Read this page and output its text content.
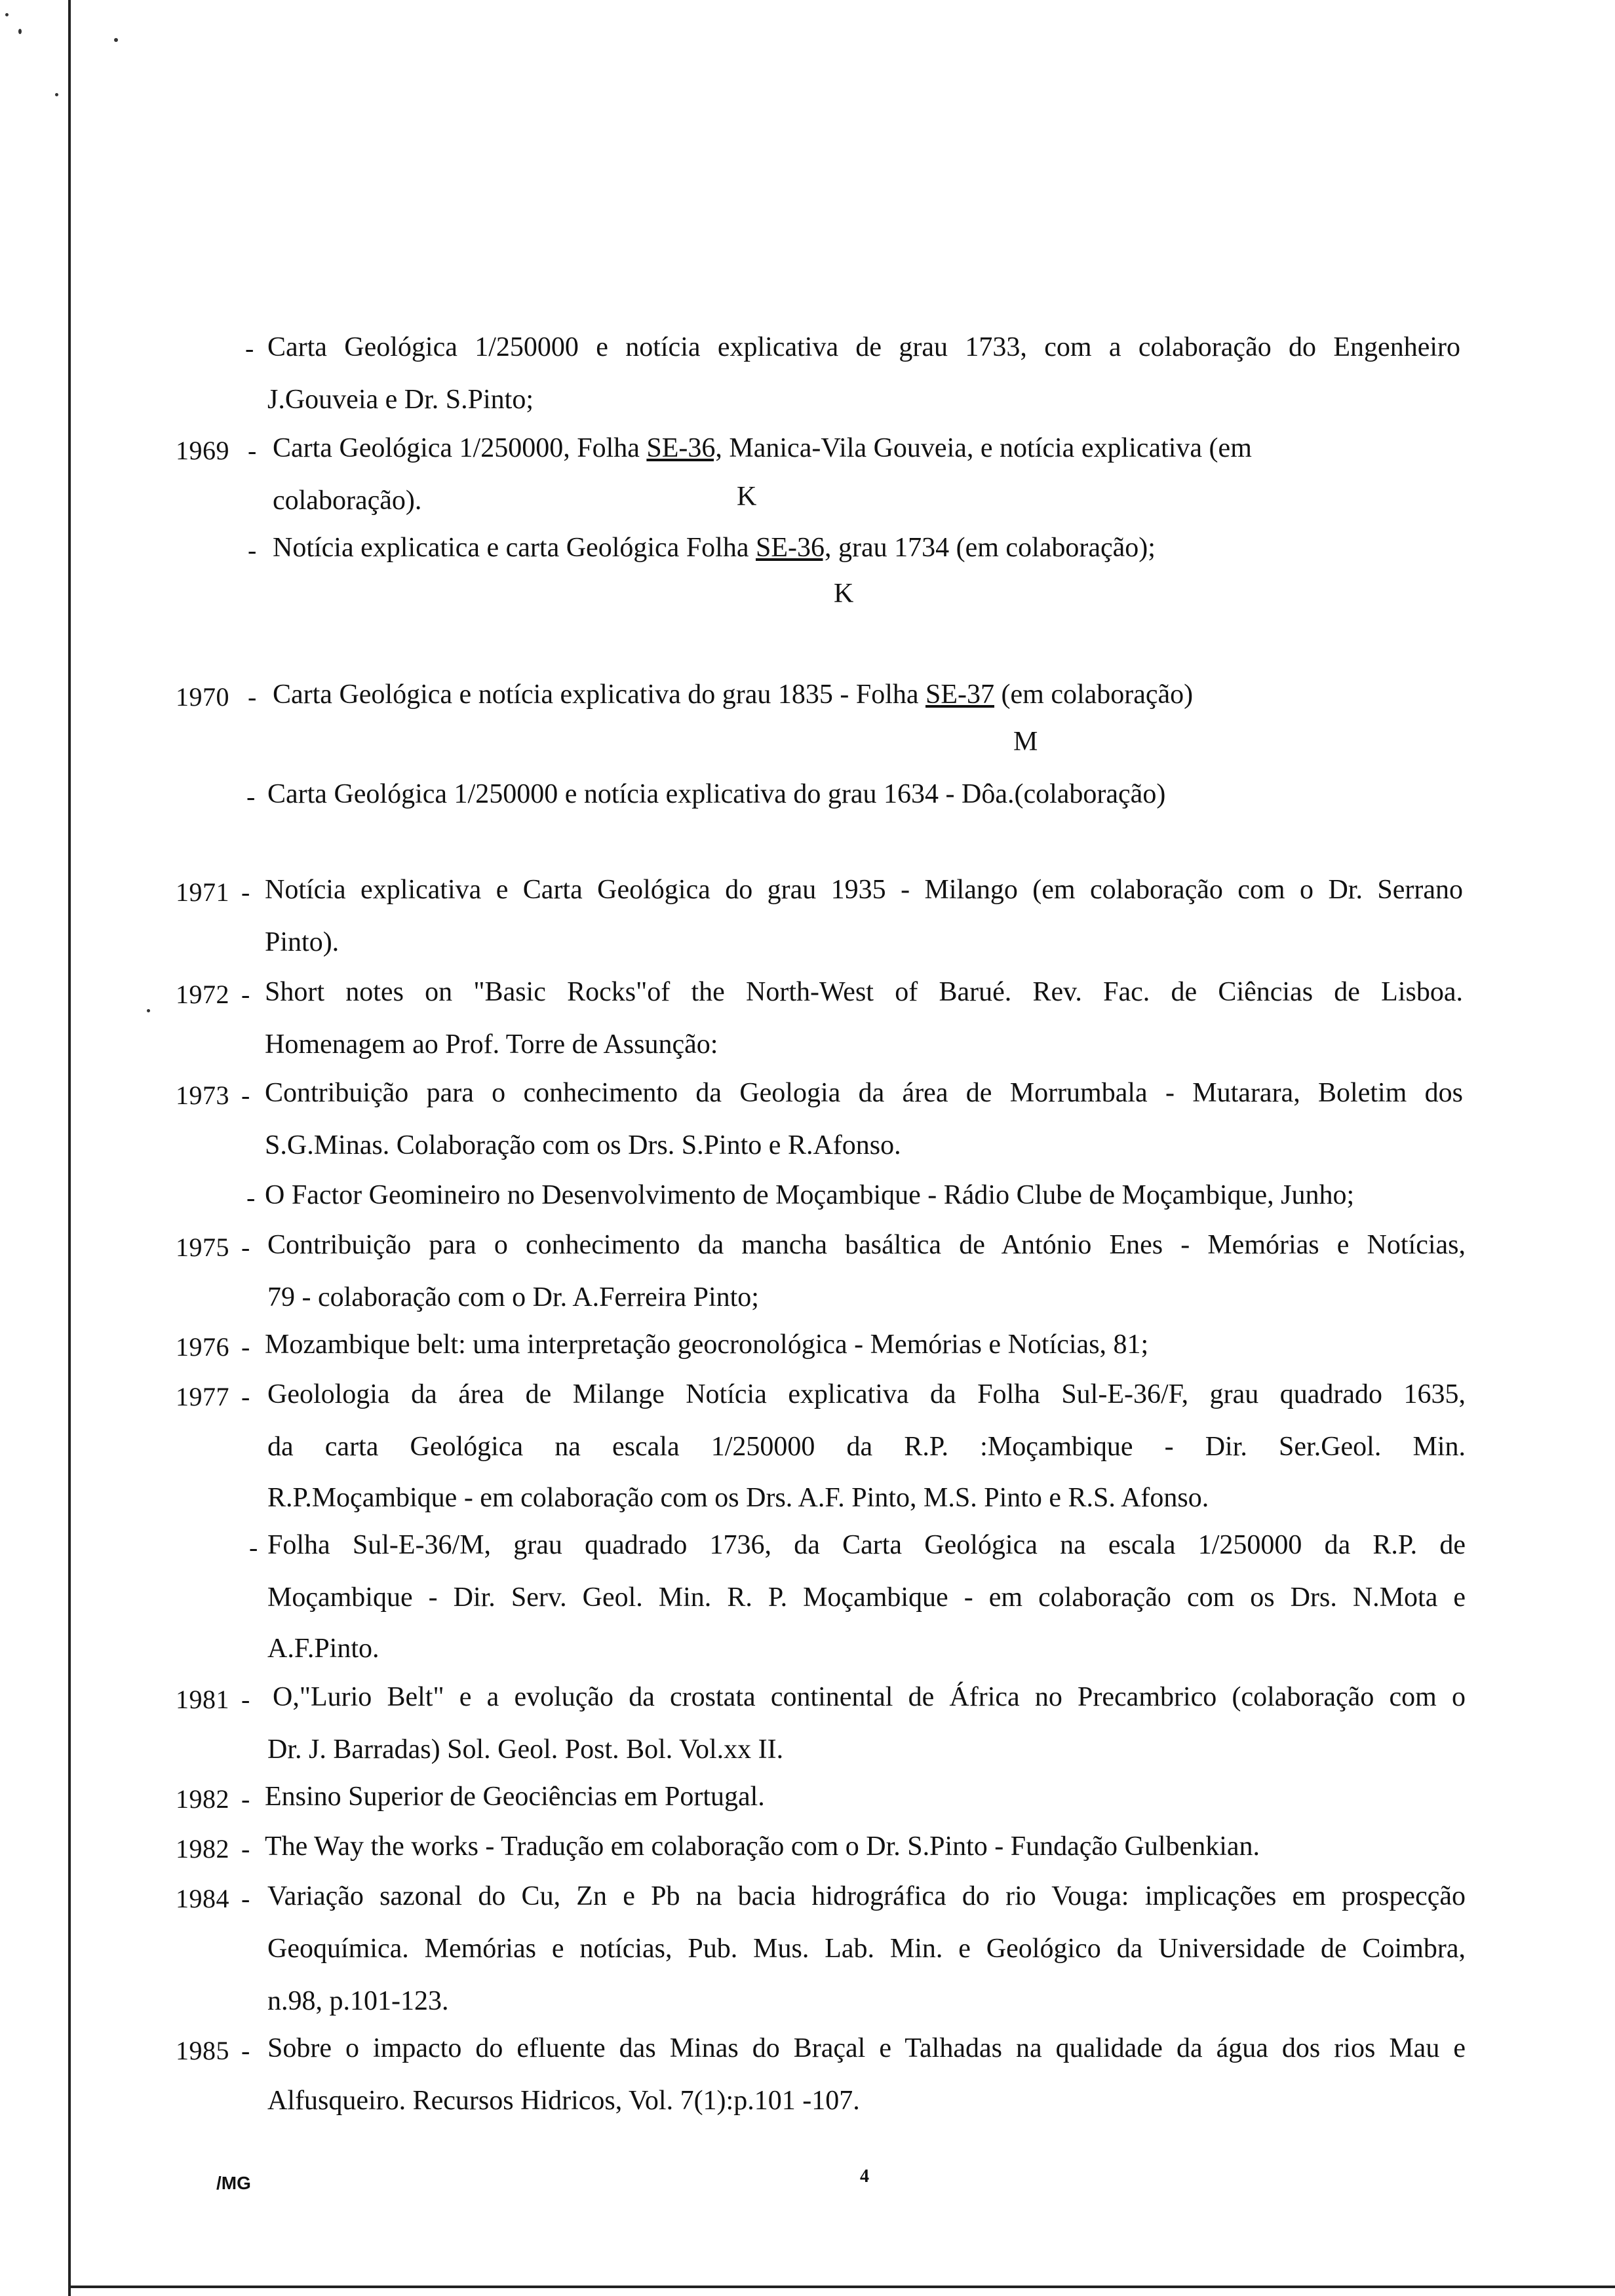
- Carta Geológica 1/250000 e notícia explicativa de grau 1733, com a colaboração do Engenheiro
J.Gouveia e Dr. S.Pinto;
1969 - Carta Geológica 1/250000, Folha SE-36, Manica-Vila Gouveia, e notícia explicativa (em
colaboração).	K
- Notícia explicatica e carta Geológica Folha SE-36, grau 1734 (em colaboração);
K
1970 - Carta Geológica e notícia explicativa do grau 1835 - Folha SE-37 (em colaboração)
M
- Carta Geológica 1/250000 e notícia explicativa do grau 1634 - Dôa.(colaboração)
1971 - Notícia explicativa e Carta Geológica do grau 1935 - Milango (em colaboração com o Dr. Serrano
Pinto).
1972 - Short notes on "Basic Rocks"of the North-West of Barué. Rev. Fac. de Ciências de Lisboa.
Homenagem ao Prof. Torre de Assunção:
1973 - Contribuição para o conhecimento da Geologia da área de Morrumbala - Mutarara, Boletim dos
S.G.Minas. Colaboração com os Drs. S.Pinto e R.Afonso.
- O Factor Geomineiro no Desenvolvimento de Moçambique - Rádio Clube de Moçambique, Junho;
1975 - Contribuição para o conhecimento da mancha basáltica de António Enes - Memórias e Notícias,
79 - colaboração com o Dr. A.Ferreira Pinto;
1976 - Mozambique belt: uma interpretação geocronológica - Memórias e Notícias, 81;
1977 - Geolologia da área de Milange Notícia explicativa da Folha Sul-E-36/F, grau quadrado 1635,
da carta Geológica na escala 1/250000 da R.P. :Moçambique - Dir. Ser.Geol. Min.
R.P.Moçambique - em colaboração com os Drs. A.F. Pinto, M.S. Pinto e R.S. Afonso.
- Folha Sul-E-36/M, grau quadrado 1736, da Carta Geológica na escala 1/250000 da R.P. de
Moçambique - Dir. Serv. Geol. Min. R. P. Moçambique - em colaboração com os Drs. N.Mota e
A.F.Pinto.
1981 - O,"Lurio Belt" e a evolução da crostata continental de África no Precambrico (colaboração com o
Dr. J. Barradas) Sol. Geol. Post. Bol. Vol.xx II.
1982 - Ensino Superior de Geociências em Portugal.
1982 - The Way the works - Tradução em colaboração com o Dr. S.Pinto - Fundação Gulbenkian.
1984 - Variação sazonal do Cu, Zn e Pb na bacia hidrográfica do rio Vouga: implicações em prospecção
Geoquímica. Memórias e notícias, Pub. Mus. Lab. Min. e Geológico da Universidade de Coimbra,
n.98, p.101-123.
1985 - Sobre o impacto do efluente das Minas do Braçal e Talhadas na qualidade da água dos rios Mau e
Alfusqueiro. Recursos Hidricos, Vol. 7(1):p.101 -107.
/MG	4
